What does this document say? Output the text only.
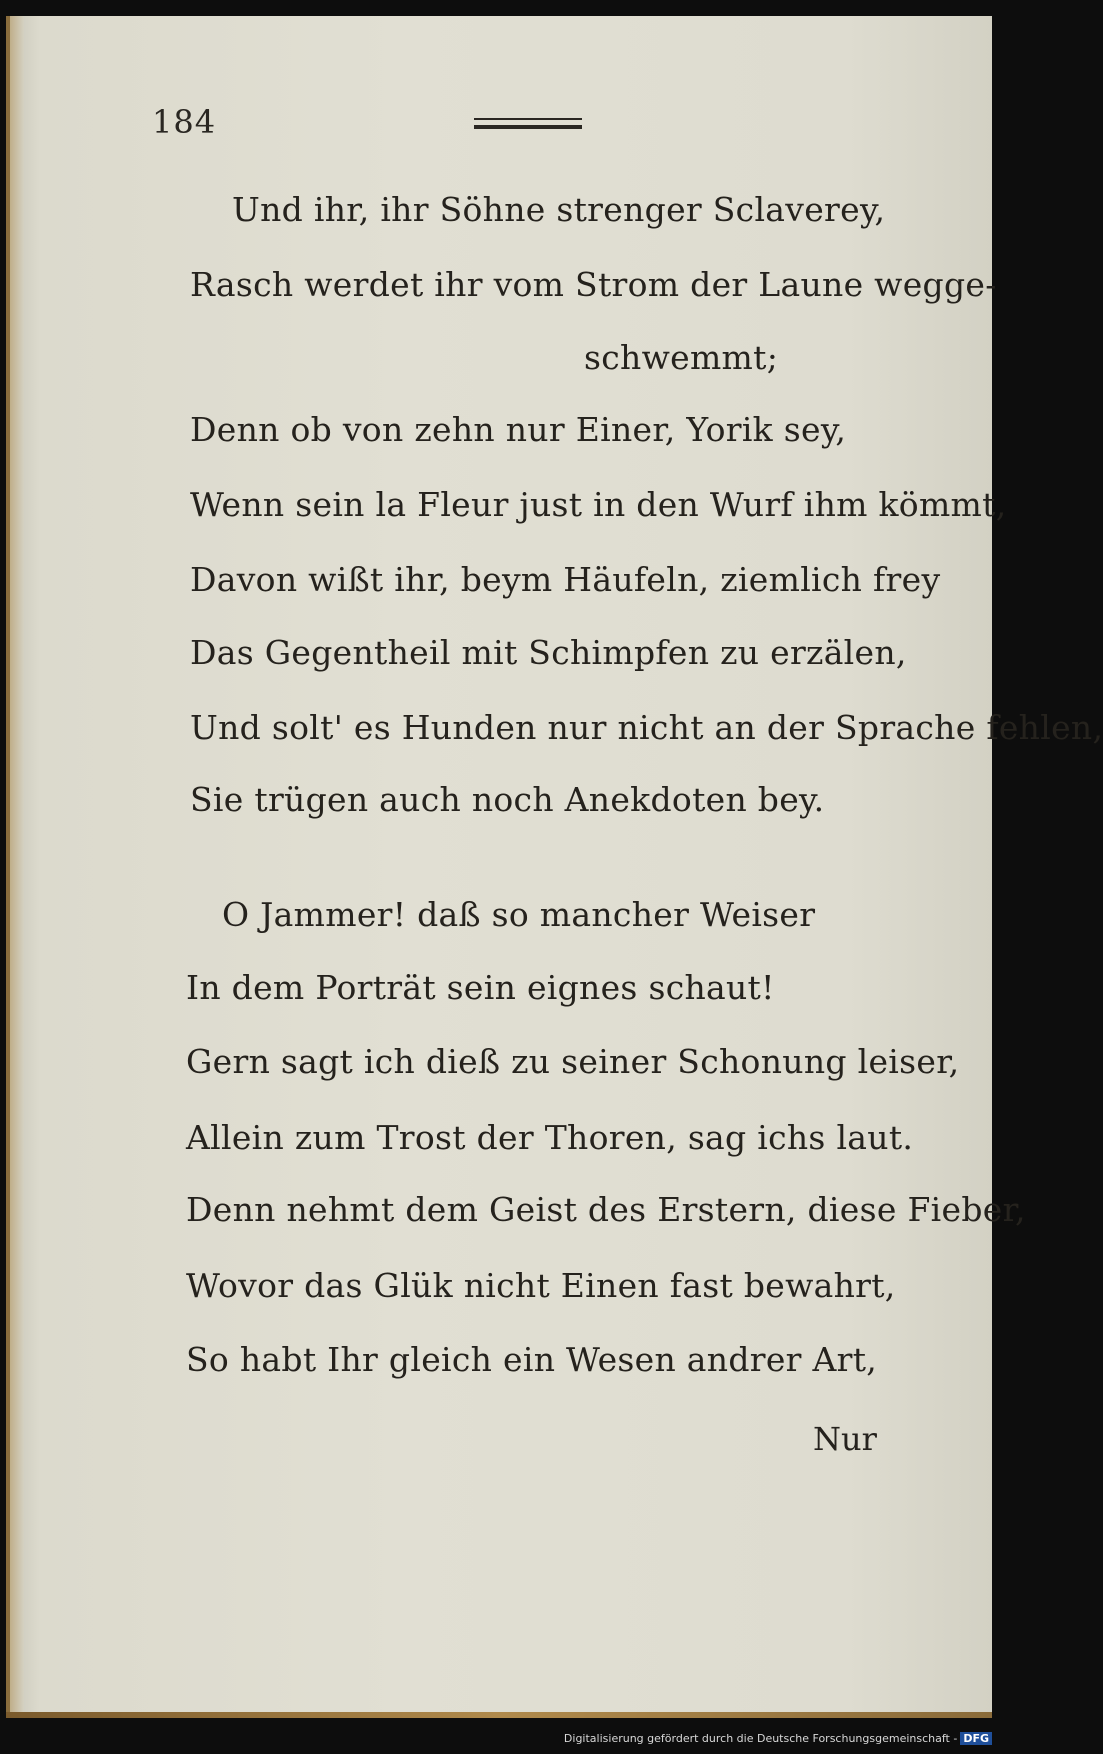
184
Und ihr, ihr Söhne strenger Sclaverey,
Rasch werdet ihr vom Strom der Laune wegge-
schwemmt;
Denn ob von zehn nur Einer, Yorik sey,
Wenn sein la Fleur just in den Wurf ihm kömmt,
Davon wißt ihr, beym Häufeln, ziemlich frey
Das Gegentheil mit Schimpfen zu erzälen,
Und solt' es Hunden nur nicht an der Sprache fehlen,
Sie trügen auch noch Anekdoten bey.
O Jammer! daß so mancher Weiser
In dem Porträt sein eignes schaut!
Gern sagt ich dieß zu seiner Schonung leiser,
Allein zum Trost der Thoren, sag ichs laut.
Denn nehmt dem Geist des Erstern, diese Fieber,
Wovor das Glük nicht Einen fast bewahrt,
So habt Ihr gleich ein Wesen andrer Art,
Nur
Digitalisierung gefördert durch die Deutsche Forschungsgemeinschaft - DFG
